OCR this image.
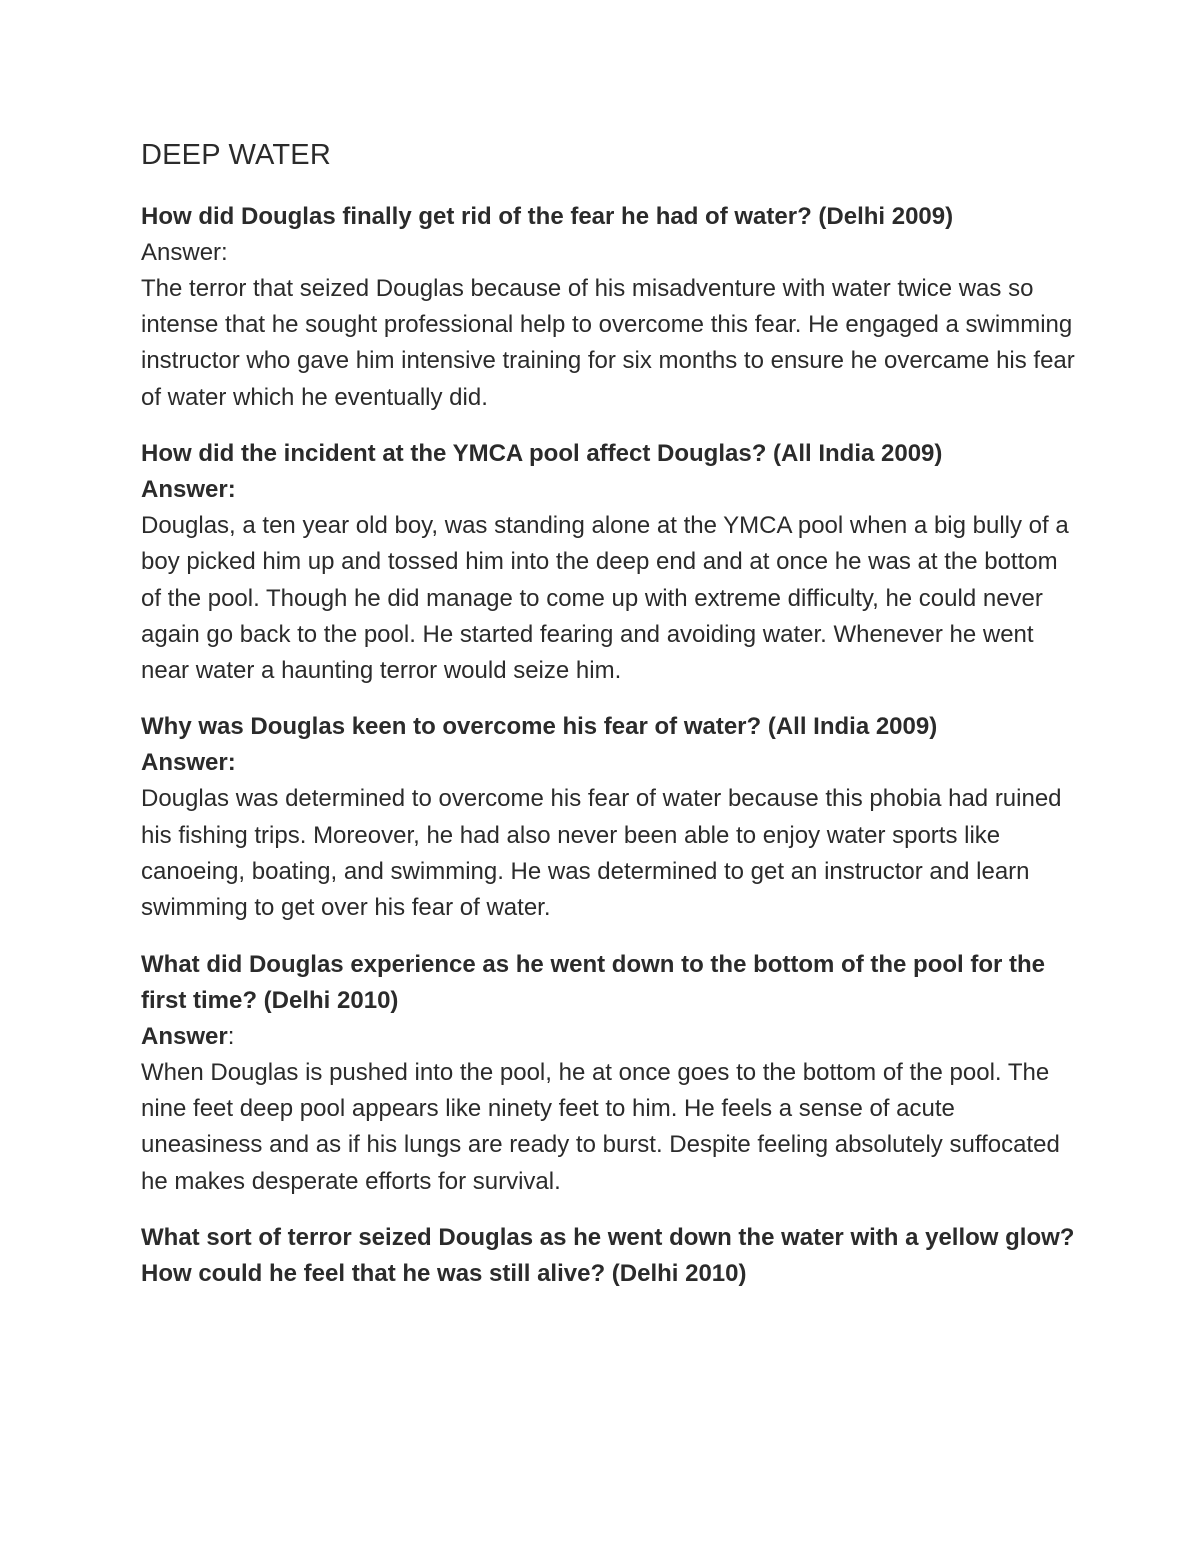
DEEP WATER

How did Douglas finally get rid of the fear he had of water? (Delhi 2009)

Answer:

The terror that seized Douglas because of his misadventure with water twice was so intense that he sought professional help to overcome this fear. He engaged a swimming instructor who gave him intensive training for six months to ensure he overcame his fear of water which he eventually did.

How did the incident at the YMCA pool affect Douglas? (All India 2009)

Answer:

Douglas, a ten year old boy, was standing alone at the YMCA pool when a big bully of a boy picked him up and tossed him into the deep end and at once he was at the bottom of the pool. Though he did manage to come up with extreme difficulty, he could never again go back to the pool. He started fearing and avoiding water. Whenever he went near water a haunting terror would seize him.

Why was Douglas keen to overcome his fear of water? (All India 2009)

Answer:

Douglas was determined to overcome his fear of water because this phobia had ruined his fishing trips. Moreover, he had also never been able to enjoy water sports like canoeing, boating, and swimming. He was determined to get an instructor and learn swimming to get over his fear of water.

What did Douglas experience as he went down to the bottom of the pool for the first time? (Delhi 2010)

Answer:

When Douglas is pushed into the pool, he at once goes to the bottom of the pool. The nine feet deep pool appears like ninety feet to him. He feels a sense of acute uneasiness and as if his lungs are ready to burst. Despite feeling absolutely suffocated he makes desperate efforts for survival.

What sort of terror seized Douglas as he went down the water with a yellow glow? How could he feel that he was still alive? (Delhi 2010)
